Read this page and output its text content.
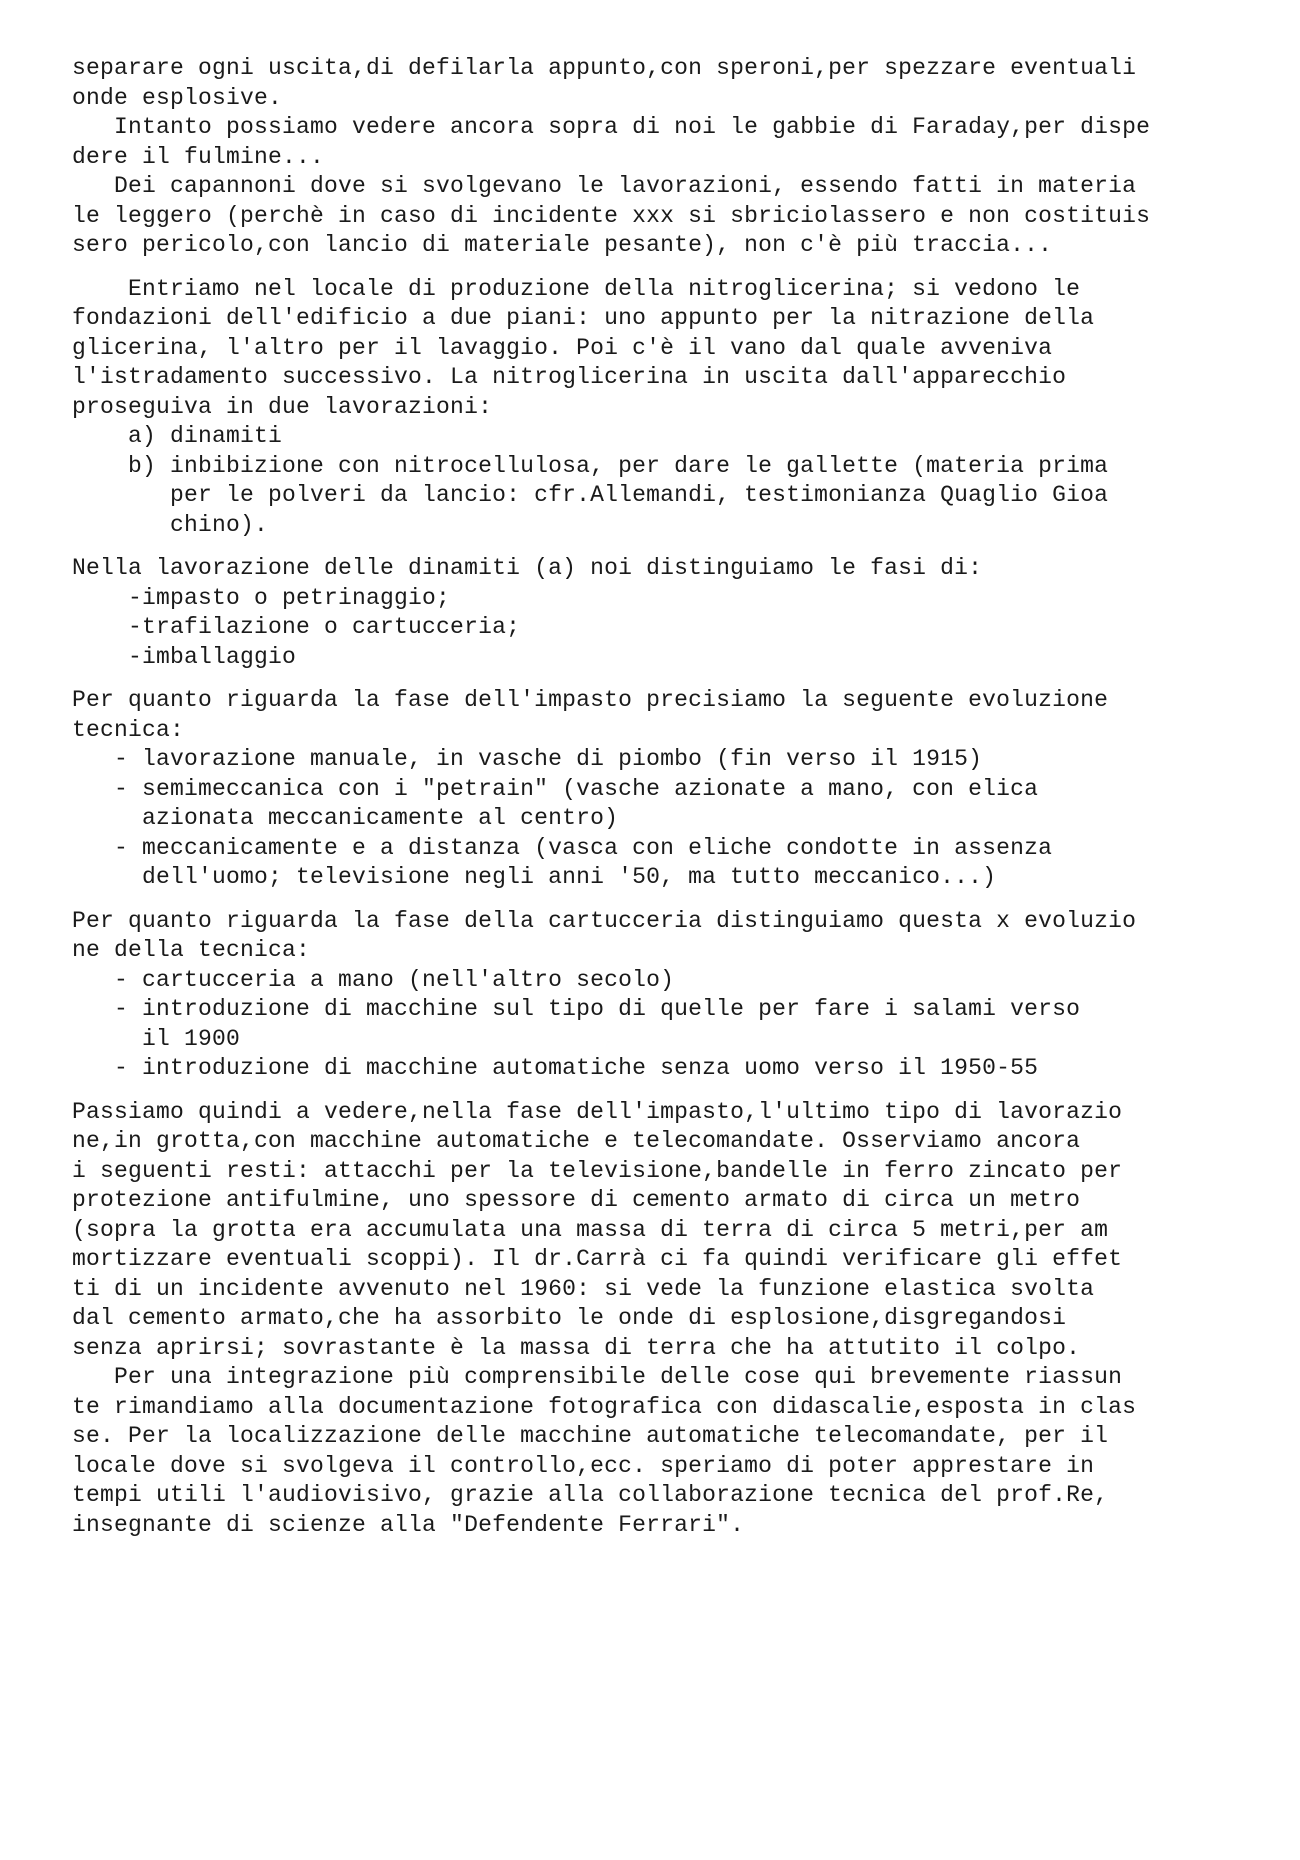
separare ogni uscita,di defilarla appunto,con speroni,per spezzare eventuali
onde esplosive.
Intanto possiamo vedere ancora sopra di noi le gabbie di Faraday,per dispe
dere il fulmine...
Dei capannoni dove si svolgevano le lavorazioni, essendo fatti in materia
le leggero (perchè in caso di incidente xxx si sbriciolassero e non costituis
sero pericolo,con lancio di materiale pesante), non c'è più traccia...
Entriamo nel locale di produzione della nitroglicerina; si vedono le
fondazioni dell'edificio a due piani: uno appunto per la nitrazione della
glicerina, l'altro per il lavaggio. Poi c'è il vano dal quale avveniva
l'istradamento successivo. La nitroglicerina in uscita dall'apparecchio
proseguiva in due lavorazioni:
a) dinamiti
b) inbibizione con nitrocellulosa, per dare le gallette (materia prima
per le polveri da lancio: cfr.Allemandi, testimonianza Quaglio Gioa
chino).
Nella lavorazione delle dinamiti (a) noi distinguiamo le fasi di:
-impasto o petrinaggio;
-trafilazione o cartucceria;
-imballaggio
Per quanto riguarda la fase dell'impasto precisiamo la seguente evoluzione
tecnica:
- lavorazione manuale, in vasche di piombo (fin verso il 1915)
- semimeccanica con i "petrain" (vasche azionate a mano, con elica
azionata meccanicamente al centro)
- meccanicamente e a distanza (vasca con eliche condotte in assenza
dell'uomo; televisione negli anni '50, ma tutto meccanico...)
Per quanto riguarda la fase della cartucceria distinguiamo questa x evoluzio
ne della tecnica:
- cartucceria a mano (nell'altro secolo)
- introduzione di macchine sul tipo di quelle per fare i salami verso
il 1900
- introduzione di macchine automatiche senza uomo verso il 1950-55
Passiamo quindi a vedere,nella fase dell'impasto,l'ultimo tipo di lavorazio
ne,in grotta,con macchine automatiche e telecomandate. Osserviamo ancora
i seguenti resti: attacchi per la televisione,bandelle in ferro zincato per
protezione antifulmine, uno spessore di cemento armato di circa un metro
(sopra la grotta era accumulata una massa di terra di circa 5 metri,per am
mortizzare eventuali scoppi). Il dr.Carrà ci fa quindi verificare gli effet
ti di un incidente avvenuto nel 1960: si vede la funzione elastica svolta
dal cemento armato,che ha assorbito le onde di esplosione,disgregandosi
senza aprirsi; sovrastante è la massa di terra che ha attutito il colpo.
Per una integrazione più comprensibile delle cose qui brevemente riassun
te rimandiamo alla documentazione fotografica con didascalie,esposta in clas
se. Per la localizzazione delle macchine automatiche telecomandate, per il
locale dove si svolgeva il controllo,ecc. speriamo di poter apprestare in
tempi utili l'audiovisivo, grazie alla collaborazione tecnica del prof.Re,
insegnante di scienze alla "Defendente Ferrari".
